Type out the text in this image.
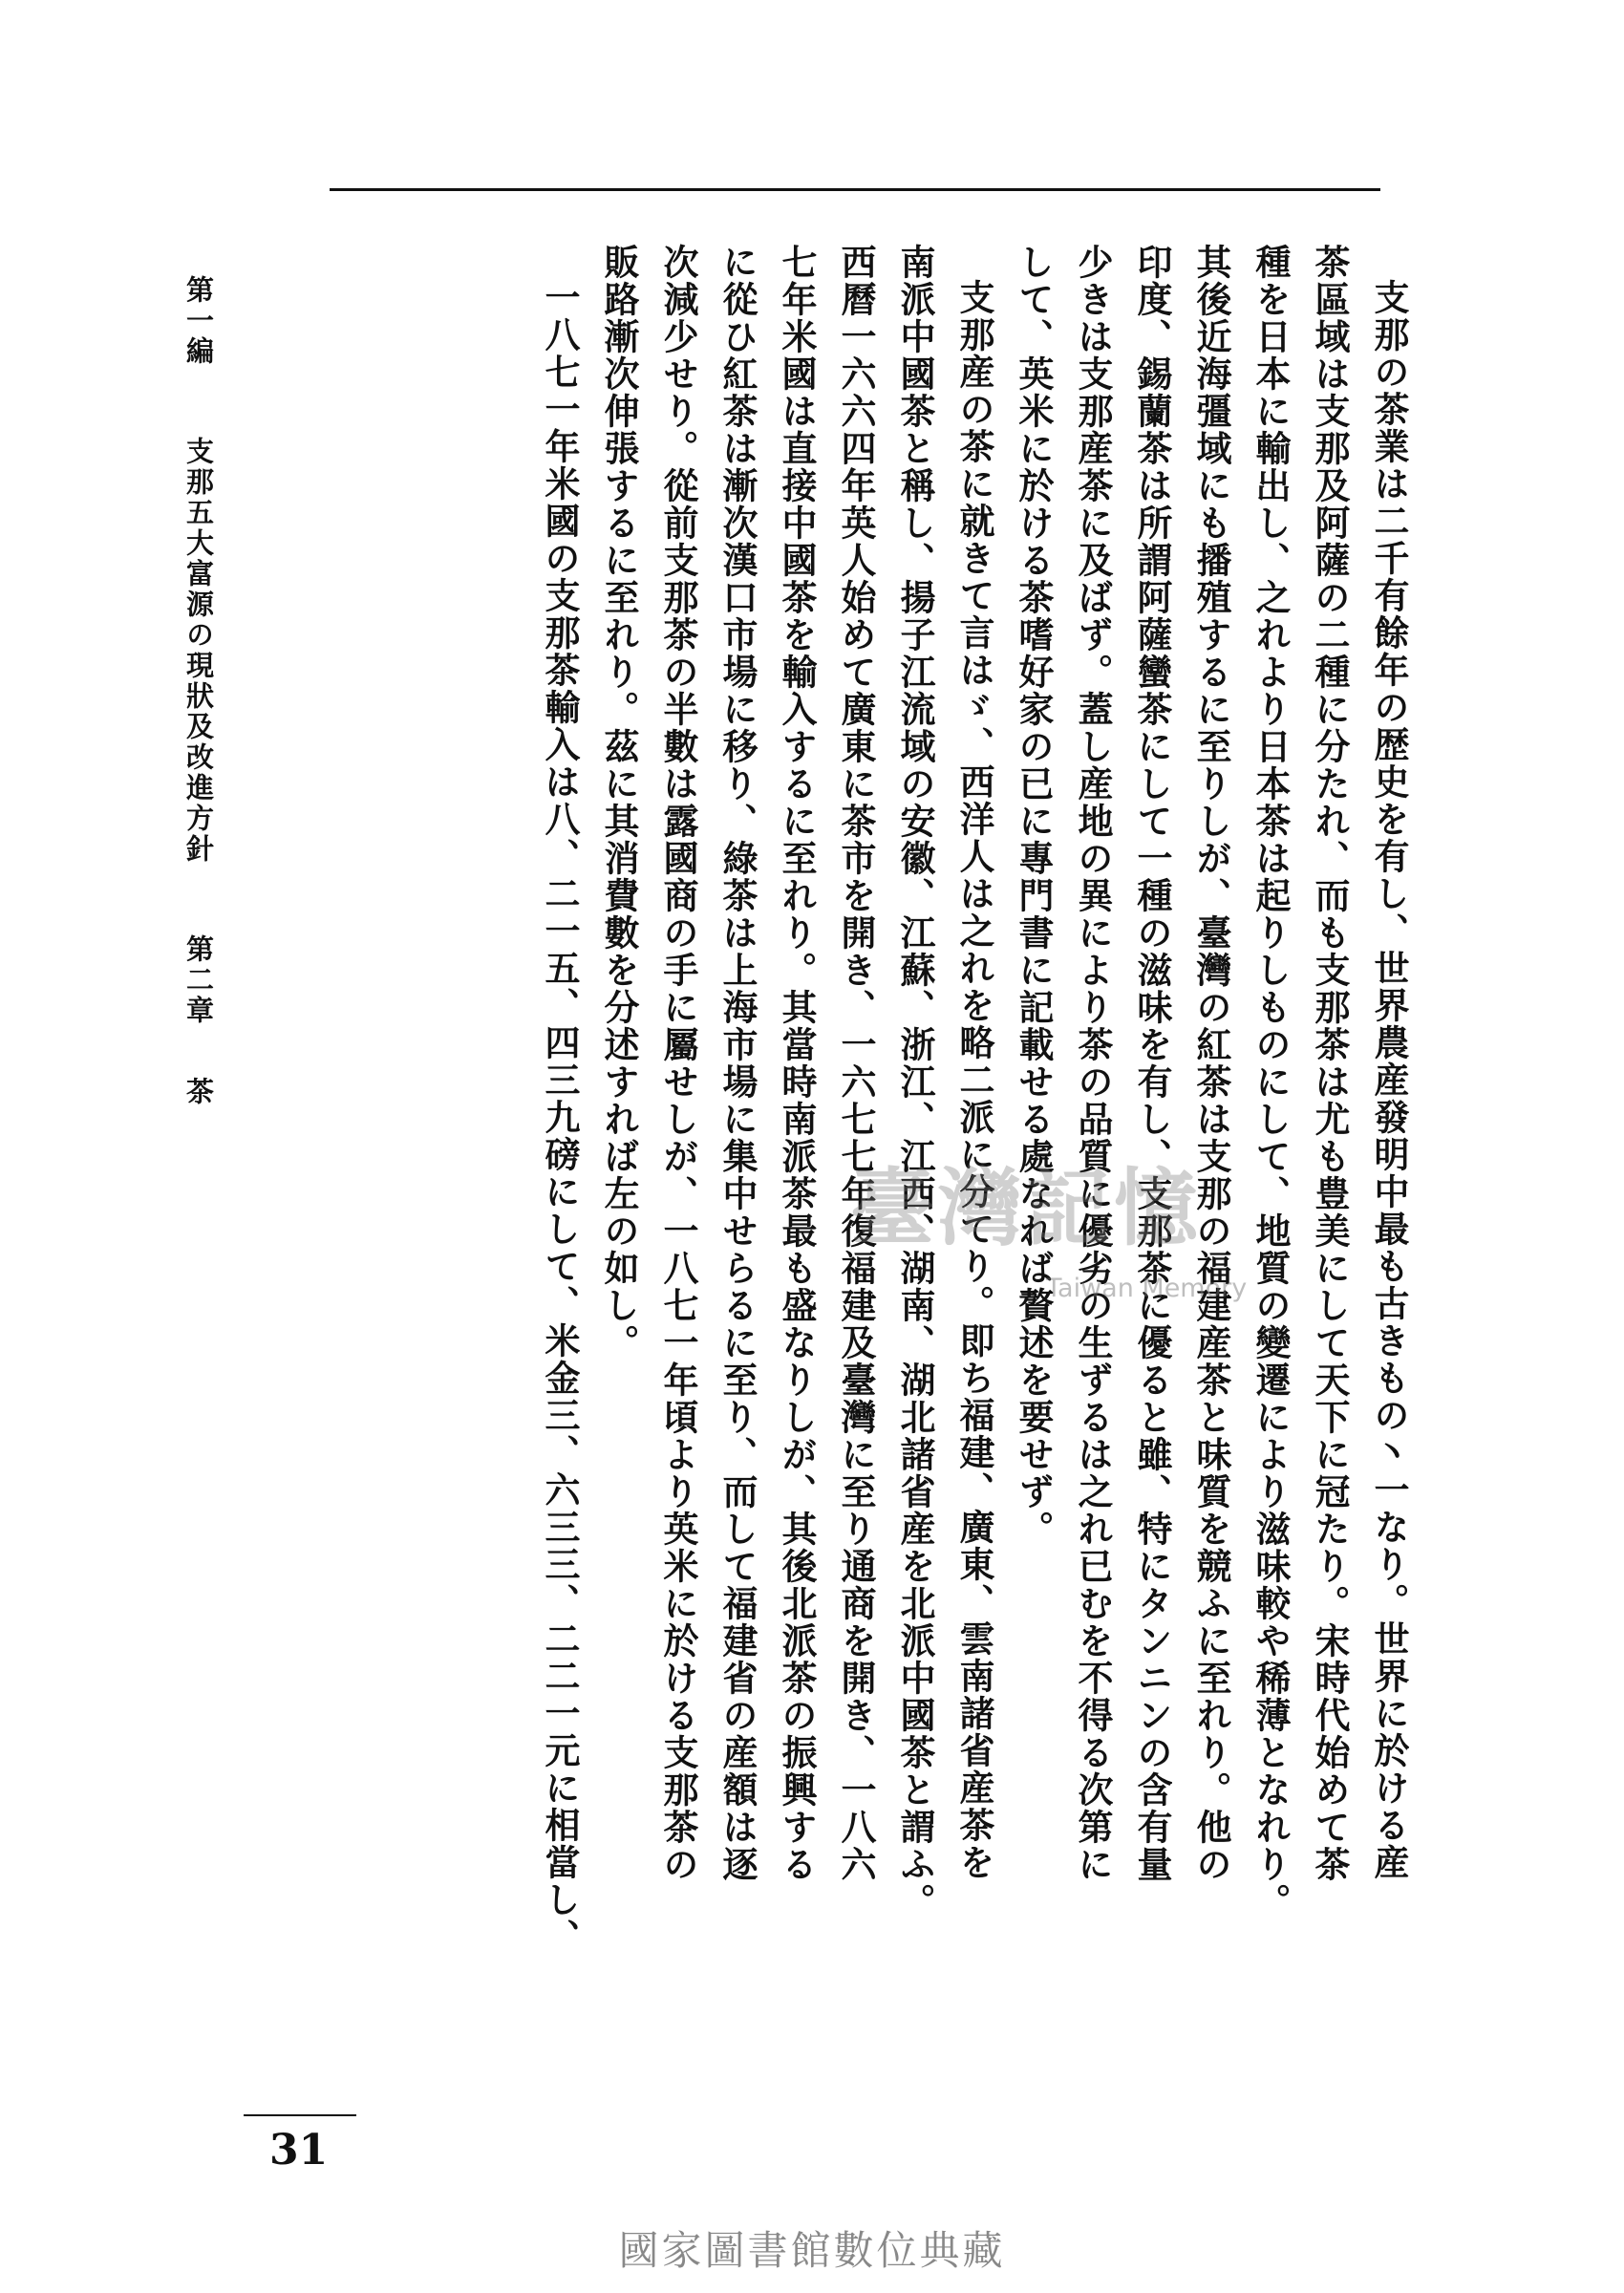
支那の茶業は二千有餘年の歴史を有し、世界農産發明中最も古きもの丶一なり。世界に於ける産
茶區域は支那及阿薩の二種に分たれ、而も支那茶は尤も豊美にして天下に冠たり。宋時代始めて茶
種を日本に輸出し、之れより日本茶は起りしものにして、地質の變遷により滋味較や稀薄となれり。
其後近海彊域にも播殖するに至りしが、臺灣の紅茶は支那の福建産茶と味質を競ふに至れり。他の
印度、錫蘭茶は所謂阿薩蠻茶にして一種の滋味を有し、支那茶に優ると雖、特にタンニンの含有量
少きは支那産茶に及ばず。蓋し産地の異により茶の品質に優劣の生ずるは之れ已むを不得る次第に
して、英米に於ける茶嗜好家の已に專門書に記載せる處なれば贅述を要せず。
支那産の茶に就きて言はゞ、西洋人は之れを略二派に分てり。即ち福建、廣東、雲南諸省産茶を
南派中國茶と稱し、揚子江流域の安徽、江蘇、浙江、江西、湖南、湖北諸省産を北派中國茶と謂ふ。
西曆一六六四年英人始めて廣東に茶市を開き、一六七七年復福建及臺灣に至り通商を開き、一八六
七年米國は直接中國茶を輸入するに至れり。其當時南派茶最も盛なりしが、其後北派茶の振興する
に從ひ紅茶は漸次漢口市場に移り、綠茶は上海市場に集中せらるに至り、而して福建省の産額は逐
次減少せり。從前支那茶の半數は露國商の手に屬せしが、一八七一年頃より英米に於ける支那茶の
販路漸次伸張するに至れり。茲に其消費數を分述すれば左の如し。
一八七一年米國の支那茶輸入は八、二一五、四三九磅にして、米金三、六三三、二二一元に相當し、
第一編 支那五大富源の現狀及改進方針 第二章 茶
31
臺灣記憶
Taiwan Memory
國家圖書館數位典藏
